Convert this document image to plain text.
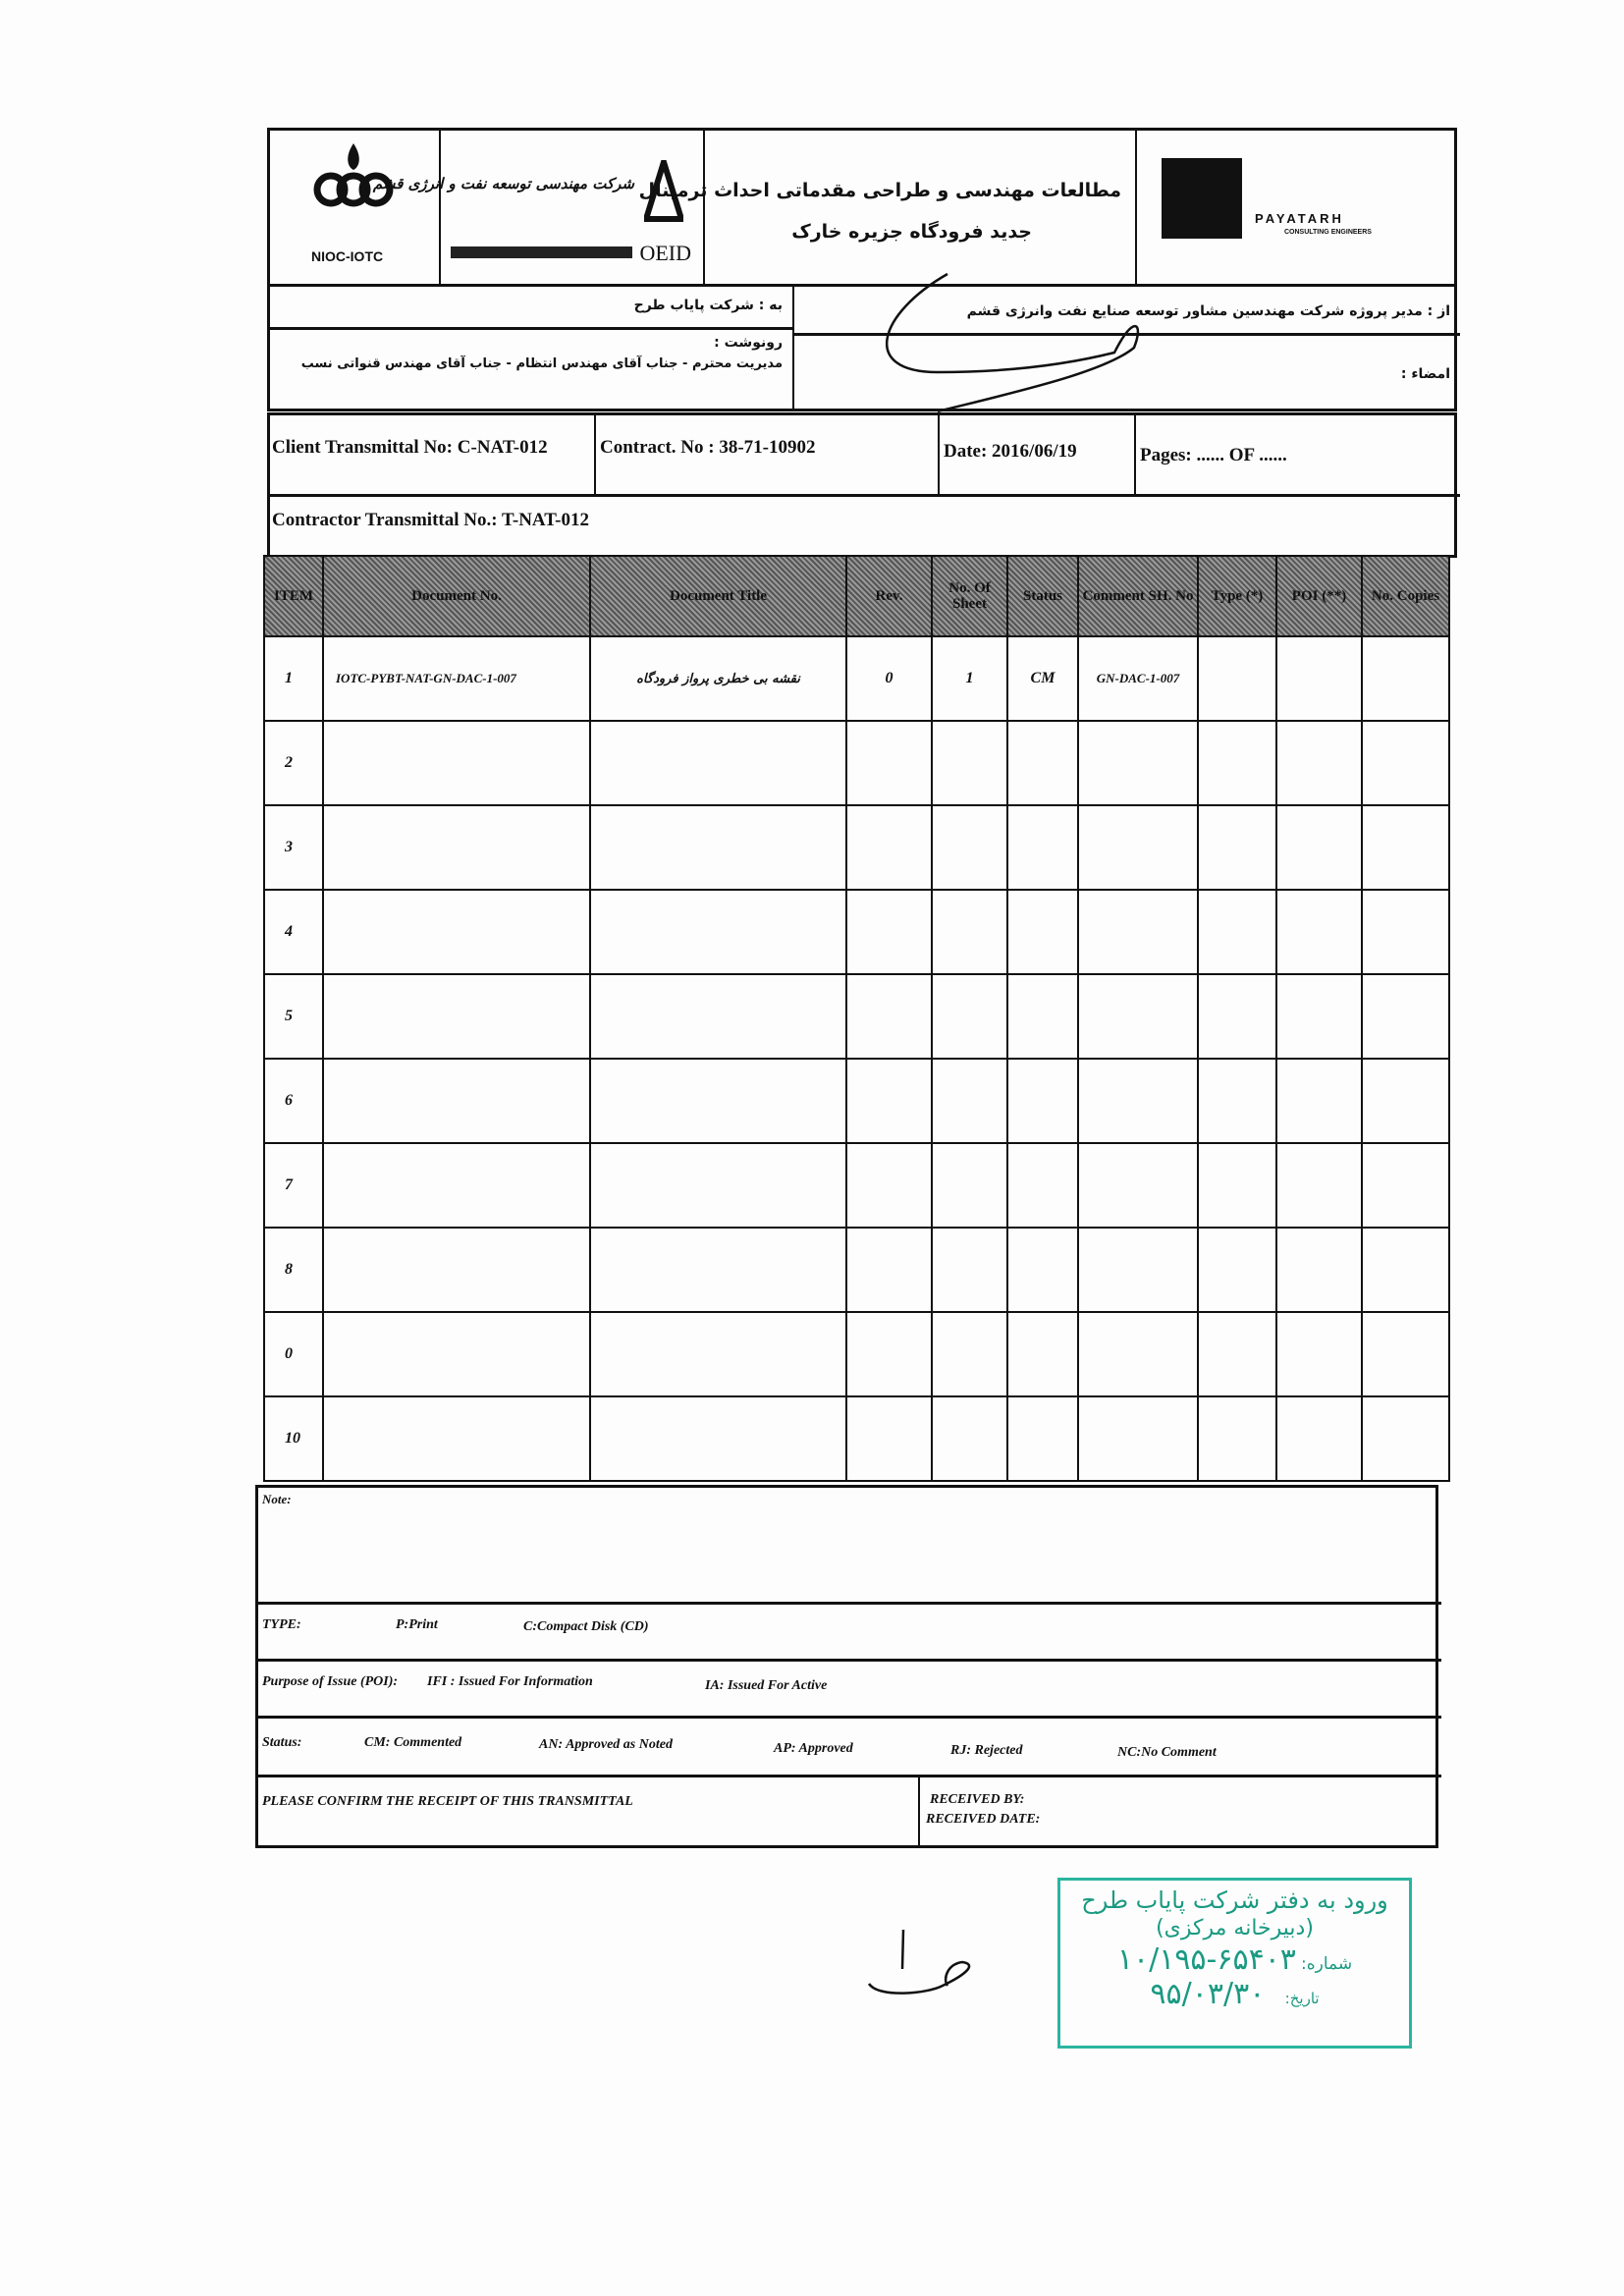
NIOC-IOTC
شرکت مهندسی توسعه نفت و انرژی قشم
OEID
مطالعات مهندسی و طراحی مقدماتی احداث ترمینال
جدید فرودگاه جزیره خارک
PAYATARH
CONSULTING ENGINEERS
به : شرکت پایاب طرح	از : مدیر پروژه شرکت مهندسین مشاور توسعه صنایع نفت وانرژی قشم
رونوشت :
مدیریت محترم - جناب آقای مهندس انتظام - جناب آقای مهندس قنواتی نسب
امضاء :
Client Transmittal No: C-NAT-012	Contract. No : 38-71-10902	Date: 2016/06/19	Pages: ...... OF ......
Contractor Transmittal No.: T-NAT-012
ITEM	Document No.	Document Title	Rev.	No. Of Sheet	Status	Comment SH. No	Type (*)	POI (**)	No. Copies
1	IOTC-PYBT-NAT-GN-DAC-1-007	نقشه بی خطری پرواز فرودگاه	0	1	CM	GN-DAC-1-007			
2									
3									
4									
5									
6									
7									
8									
0									
10									
Note:
TYPE:	P:Print	C:Compact Disk (CD)
Purpose of Issue (POI): IFI : Issued For Information	IA: Issued For Active
Status:	CM: Commented	AN: Approved as Noted	AP: Approved	RJ: Rejected	NC:No Comment
PLEASE CONFIRM THE RECEIPT OF THIS TRANSMITTAL	RECEIVED BY:
RECEIVED DATE:
ورود به دفتر شرکت پایاب طرح
(دبیرخانه مرکزی)
شماره: ۱۰/۱۹۵-۶۵۴۰۳
تاریخ:    ۹۵/۰۳/۳۰
